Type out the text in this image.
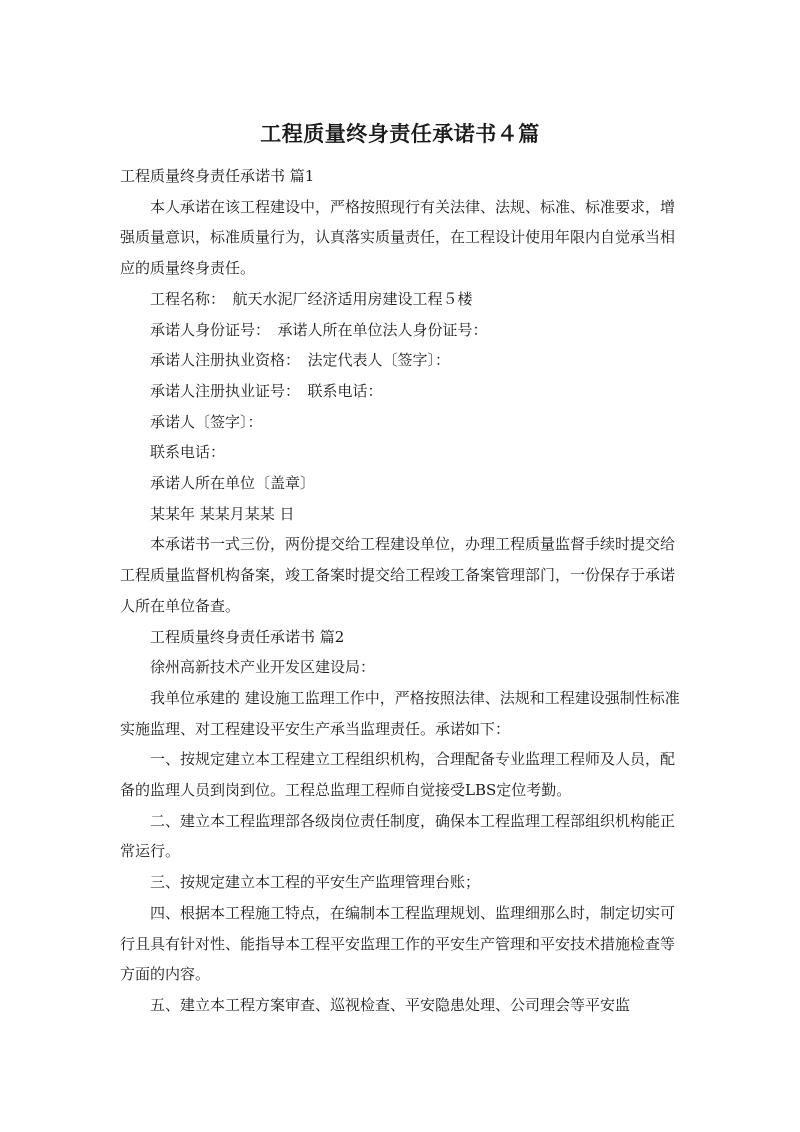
工程质量终身责任承诺书４篇

工程质量终身责任承诺书 篇1

本人承诺在该工程建设中，严格按照现行有关法律、法规、标准、标准要求，增强质量意识，标准质量行为，认真落实质量责任，在工程设计使用年限内自觉承当相应的质量终身责任。

工程名称：　航天水泥厂经济适用房建设工程５楼

承诺人身份证号：　承诺人所在单位法人身份证号：

承诺人注册执业资格：　法定代表人〔签字〕：

承诺人注册执业证号：　联系电话：

承诺人〔签字〕：

联系电话：

承诺人所在单位〔盖章〕

某某年 某某月某某 日

本承诺书一式三份，两份提交给工程建设单位，办理工程质量监督手续时提交给工程质量监督机构备案，竣工备案时提交给工程竣工备案管理部门，一份保存于承诺人所在单位备查。

工程质量终身责任承诺书 篇2

徐州高新技术产业开发区建设局：

我单位承建的 建设施工监理工作中，严格按照法律、法规和工程建设强制性标准实施监理、对工程建设平安生产承当监理责任。承诺如下：

一、按规定建立本工程建立工程组织机构，合理配备专业监理工程师及人员，配备的监理人员到岗到位。工程总监理工程师自觉接受LBS定位考勤。

二、建立本工程监理部各级岗位责任制度，确保本工程监理工程部组织机构能正常运行。

三、按规定建立本工程的平安生产监理管理台账；

四、根据本工程施工特点，在编制本工程监理规划、监理细那么时，制定切实可行且具有针对性、能指导本工程平安监理工作的平安生产管理和平安技术措施检查等方面的内容。

五、建立本工程方案审查、巡视检查、平安隐患处理、公司理会等平安监
